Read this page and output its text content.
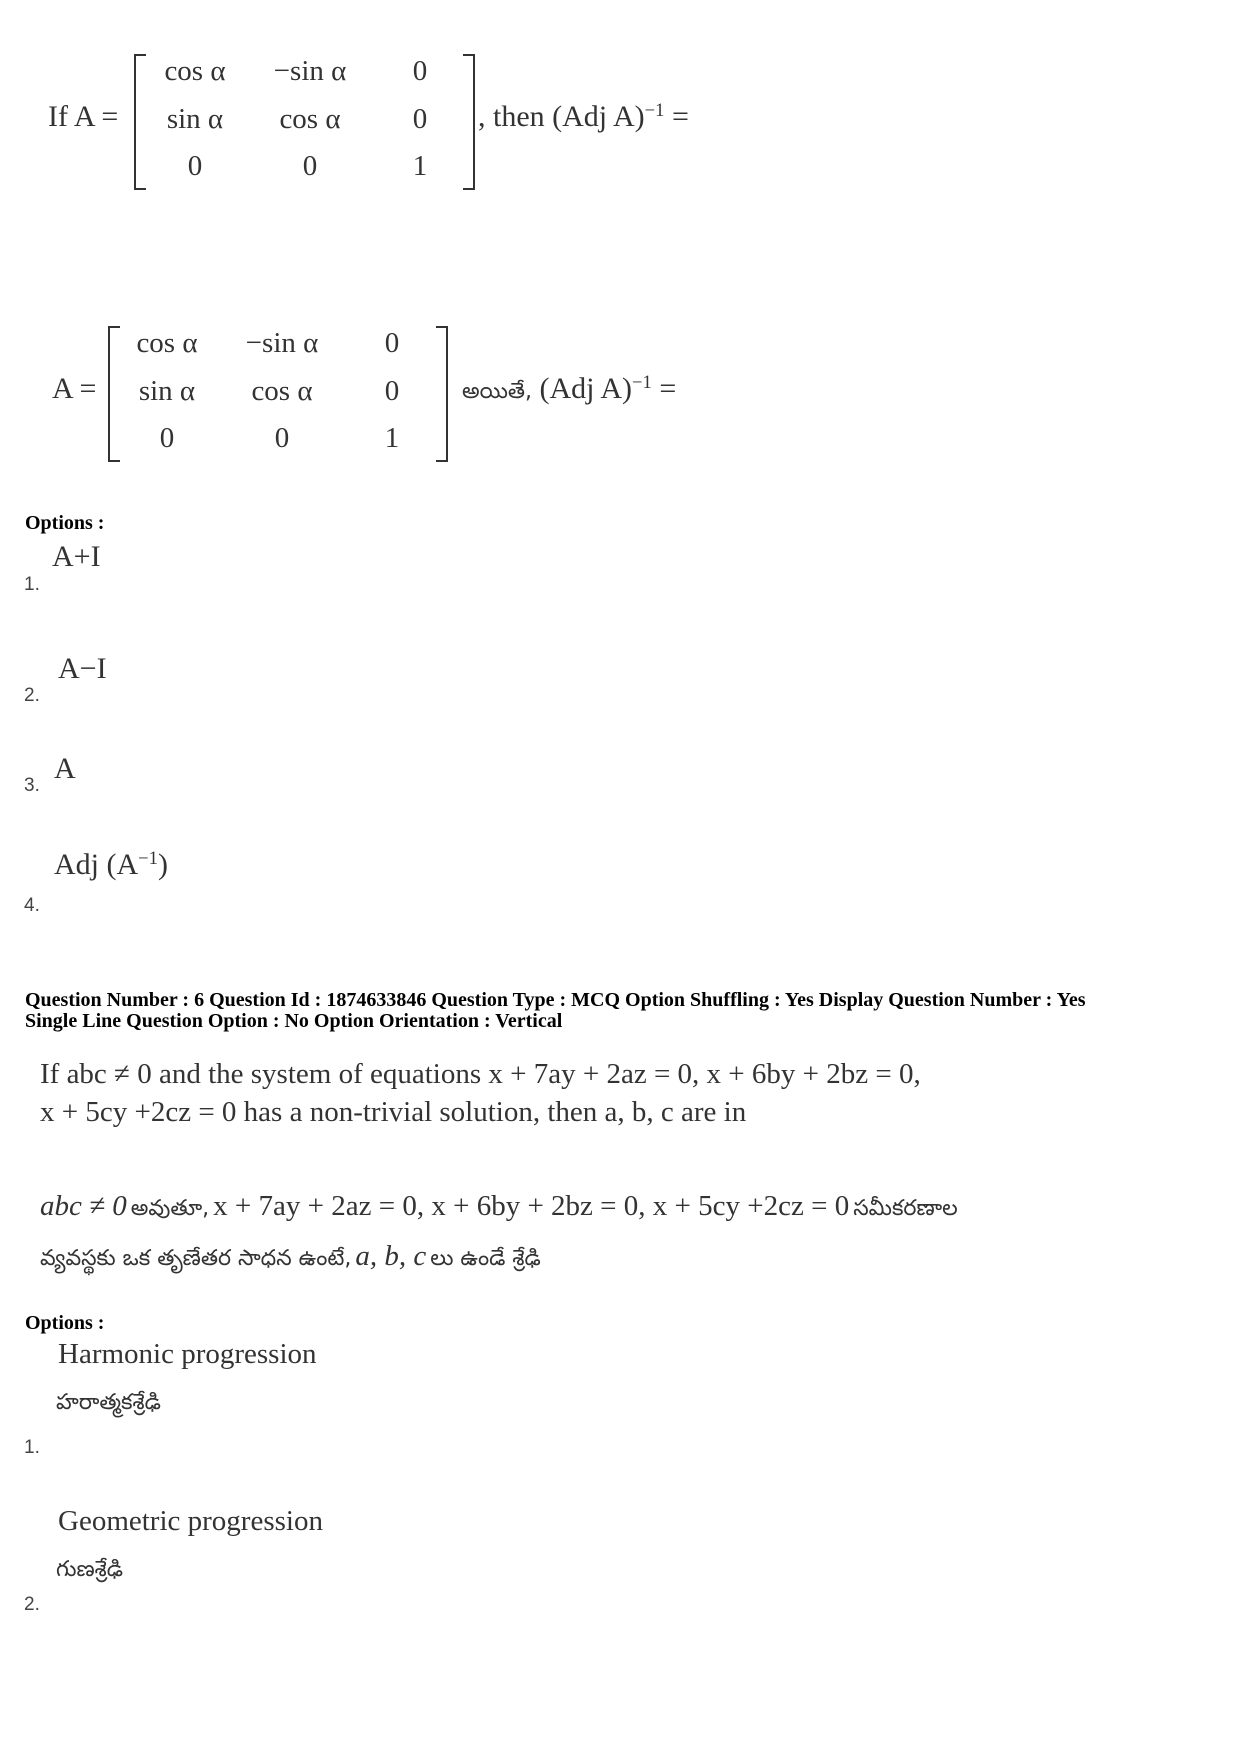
If A =
cos α	−sin α	0
sin α	cos α	0
0	0	1
, then (Adj A)$^{-1}$ =
A =
cos α	−sin α	0
sin α	cos α	0
0	0	1
అయితే, (Adj A)$^{-1}$ =
Options :
A+I
1.
A−I
2.
A
3.
Adj $(A^{-1})$
4.
Question Number : 6 Question Id : 1874633846 Question Type : MCQ Option Shuffling : Yes Display Question Number : Yes
Single Line Question Option : No Option Orientation : Vertical
If abc ≠ 0 and the system of equations x + 7ay + 2az = 0, x + 6by + 2bz = 0,
x + 5cy +2cz = 0 has a non-trivial solution, then a, b, c are in
abc ≠ 0 అవుతూ, x + 7ay + 2az = 0, x + 6by + 2bz = 0, x + 5cy +2cz = 0 సమీకరణాల
వ్యవస్థకు ఒక తృణేతర సాధన ఉంటే, a, b, c లు ఉండే శ్రేఢి
Options :
Harmonic progression
హరాత్మకశ్రేఢి
1.
Geometric progression
గుణశ్రేఢి
2.
